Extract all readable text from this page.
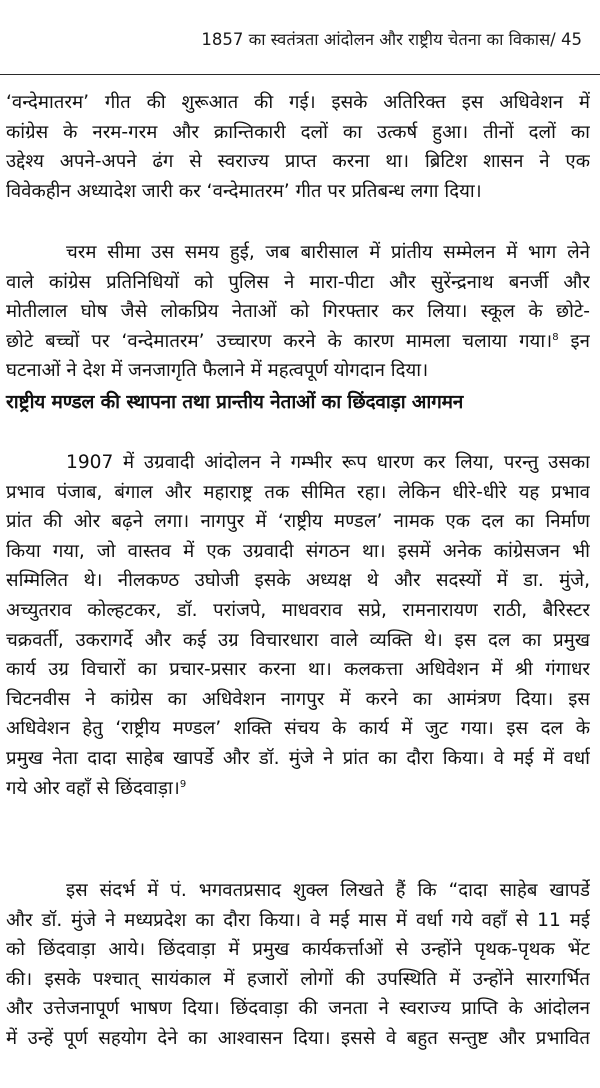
1857 का स्वतंत्रता आंदोलन और राष्ट्रीय चेतना का विकास/ 45

‘वन्देमातरम’ गीत की शुरूआत की गई। इसके अतिरिक्त इस अधिवेशन में
कांग्रेस के नरम-गरम और क्रान्तिकारी दलों का उत्कर्ष हुआ। तीनों दलों का
उद्देश्य अपने-अपने ढंग से स्वराज्य प्राप्त करना था। ब्रिटिश शासन ने एक
विवेकहीन अध्यादेश जारी कर ‘वन्देमातरम’ गीत पर प्रतिबन्ध लगा दिया।

चरम सीमा उस समय हुई, जब बारीसाल में प्रांतीय सम्मेलन में भाग लेने
वाले कांग्रेस प्रतिनिधियों को पुलिस ने मारा-पीटा और सुरेंन्द्रनाथ बनर्जी और
मोतीलाल घोष जैसे लोकप्रिय नेताओं को गिरफ्तार कर लिया। स्कूल के छोटे-
छोटे बच्चों पर ‘वन्देमातरम’ उच्चारण करने के कारण मामला चलाया गया।$^8$ इन
घटनाओं ने देश में जनजागृति फैलाने में महत्वपूर्ण योगदान दिया।

राष्ट्रीय मण्डल की स्थापना तथा प्रान्तीय नेताओं का छिंदवाड़ा आगमन

1907 में उग्रवादी आंदोलन ने गम्भीर रूप धारण कर लिया, परन्तु उसका
प्रभाव पंजाब, बंगाल और महाराष्ट्र तक सीमित रहा। लेकिन धीरे-धीरे यह प्रभाव
प्रांत की ओर बढ़ने लगा। नागपुर में ‘राष्ट्रीय मण्डल’ नामक एक दल का निर्माण
किया गया, जो वास्तव में एक उग्रवादी संगठन था। इसमें अनेक कांग्रेसजन भी
सम्मिलित थे। नीलकण्ठ उघोजी इसके अध्यक्ष थे और सदस्यों में डा. मुंजे,
अच्युतराव कोल्हटकर, डॉ. परांजपे, माधवराव सप्रे, रामनारायण राठी, बैरिस्टर
चक्रवर्ती, उकरागर्दे और कई उग्र विचारधारा वाले व्यक्ति थे। इस दल का प्रमुख
कार्य उग्र विचारों का प्रचार-प्रसार करना था। कलकत्ता अधिवेशन में श्री गंगाधर
चिटनवीस ने कांग्रेस का अधिवेशन नागपुर में करने का आमंत्रण दिया। इस
अधिवेशन हेतु ‘राष्ट्रीय मण्डल’ शक्ति संचय के कार्य में जुट गया। इस दल के
प्रमुख नेता दादा साहेब खापर्डे और डॉ. मुंजे ने प्रांत का दौरा किया। वे मई में वर्धा
गये ओर वहाँ से छिंदवाड़ा।$^9$

इस संदर्भ में पं. भगवतप्रसाद शुक्ल लिखते हैं कि “दादा साहेब खापर्डे
और डॉ. मुंजे ने मध्यप्रदेश का दौरा किया। वे मई मास में वर्धा गये वहाँ से 11 मई
को छिंदवाड़ा आये। छिंदवाड़ा में प्रमुख कार्यकर्त्ताओं से उन्होंने पृथक-पृथक भेंट
की। इसके पश्चात् सायंकाल में हजारों लोगों की उपस्थिति में उन्होंने सारगर्भित
और उत्तेजनापूर्ण भाषण दिया। छिंदवाड़ा की जनता ने स्वराज्य प्राप्ति के आंदोलन
में उन्हें पूर्ण सहयोग देने का आश्वासन दिया। इससे वे बहुत सन्तुष्ट और प्रभावित
